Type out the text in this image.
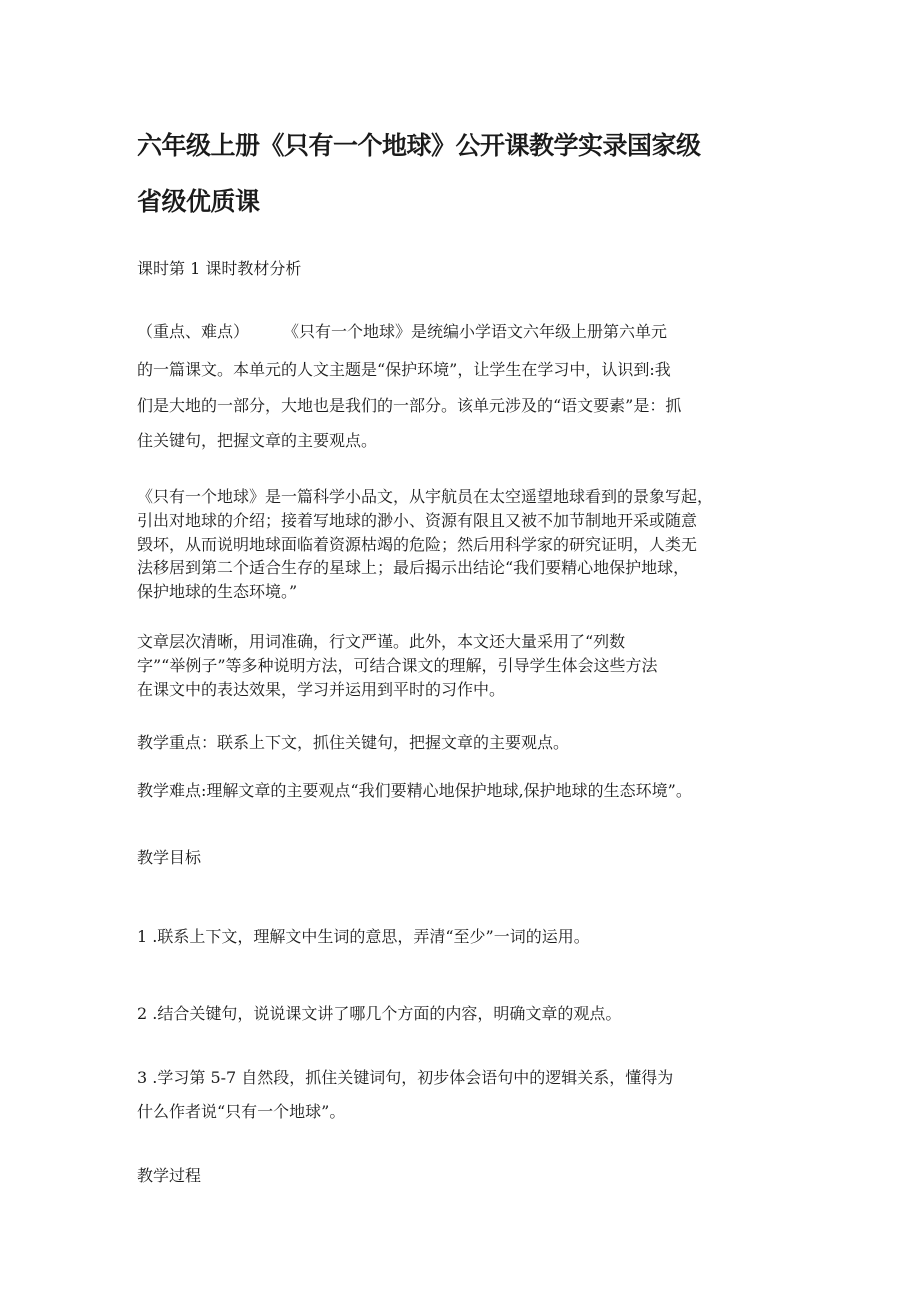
六年级上册《只有一个地球》公开课教学实录国家级
省级优质课

课时第 1 课时教材分析

（重点、难点） 《只有一个地球》是统编小学语文六年级上册第六单元

的一篇课文。本单元的人文主题是“保护环境”，让学生在学习中，认识到:我

们是大地的一部分，大地也是我们的一部分。该单元涉及的“语文要素”是：抓

住关键句，把握文章的主要观点。

《只有一个地球》是一篇科学小品文，从宇航员在太空遥望地球看到的景象写起，

引出对地球的介绍；接着写地球的渺小、资源有限且又被不加节制地开采或随意

毁坏，从而说明地球面临着资源枯竭的危险；然后用科学家的研究证明，人类无

法移居到第二个适合生存的星球上；最后揭示出结论“我们要精心地保护地球，

保护地球的生态环境。”

文章层次清晰，用词准确，行文严谨。此外，本文还大量采用了“列数

字”“举例子”等多种说明方法，可结合课文的理解，引导学生体会这些方法

在课文中的表达效果，学习并运用到平时的习作中。

教学重点：联系上下文，抓住关键句，把握文章的主要观点。

教学难点:理解文章的主要观点“我们要精心地保护地球,保护地球的生态环境”。

教学目标

1 .联系上下文，理解文中生词的意思，弄清“至少”一词的运用。

2 .结合关键句，说说课文讲了哪几个方面的内容，明确文章的观点。

3 .学习第 5-7 自然段，抓住关键词句，初步体会语句中的逻辑关系，懂得为

什么作者说“只有一个地球”。

教学过程
